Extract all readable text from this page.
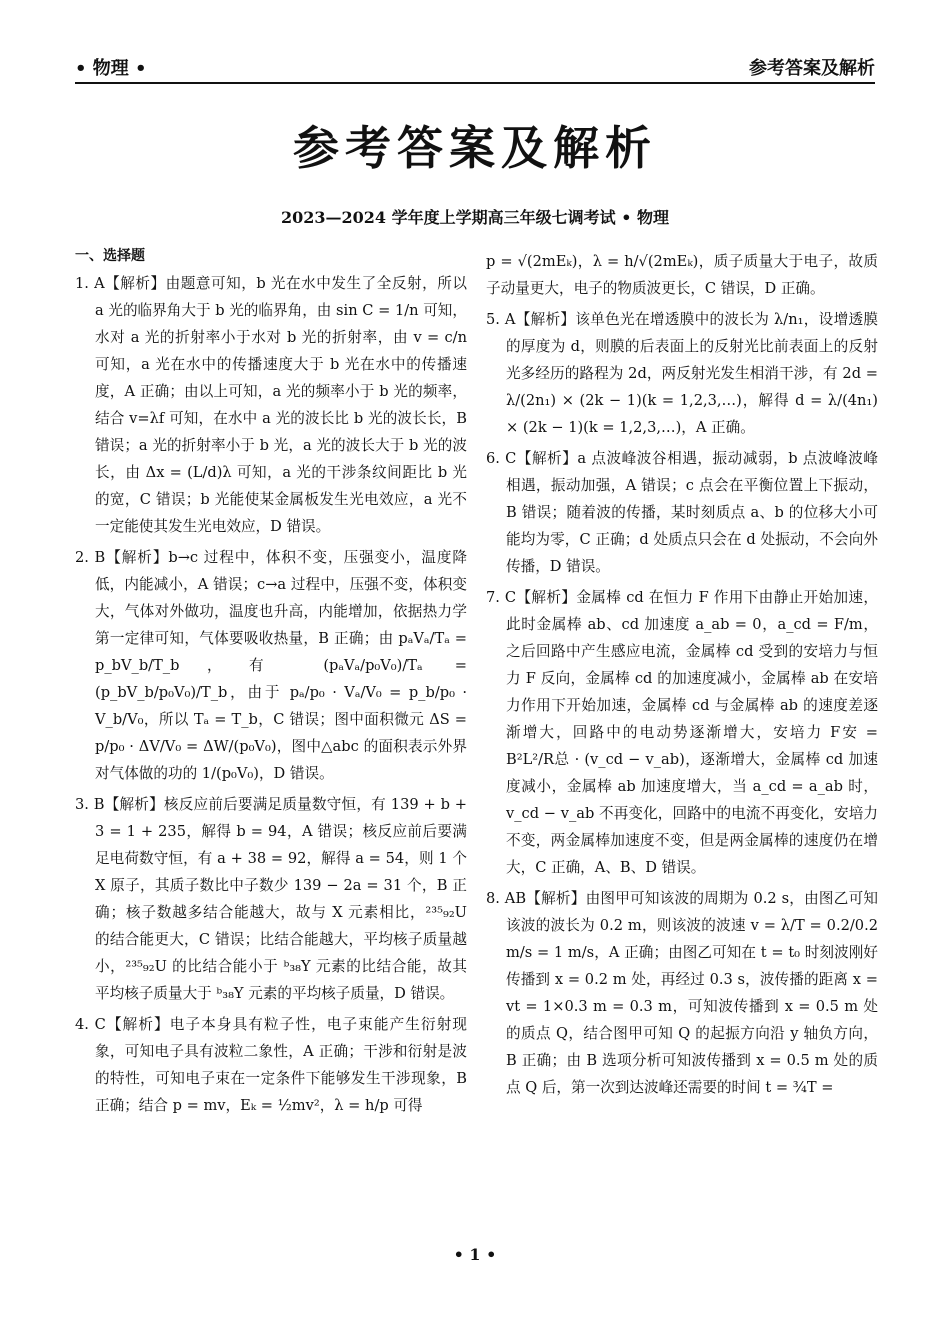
• 物理 •	参考答案及解析
参考答案及解析
2023—2024 学年度上学期高三年级七调考试 • 物理
一、选择题

1. A【解析】由题意可知，b 光在水中发生了全反射，所以 a 光的临界角大于 b 光的临界角，由 sin C = 1/n 可知，水对 a 光的折射率小于水对 b 光的折射率，由 v = c/n 可知，a 光在水中的传播速度大于 b 光在水中的传播速度，A 正确；由以上可知，a 光的频率小于 b 光的频率，结合 v=λf 可知，在水中 a 光的波长比 b 光的波长长，B 错误；a 光的折射率小于 b 光，a 光的波长大于 b 光的波长，由 Δx = (L/d)λ 可知，a 光的干涉条纹间距比 b 光的宽，C 错误；b 光能使某金属板发生光电效应，a 光不一定能使其发生光电效应，D 错误。

2. B【解析】b→c 过程中，体积不变，压强变小，温度降低，内能减小，A 错误；c→a 过程中，压强不变，体积变大，气体对外做功，温度也升高，内能增加，依据热力学第一定律可知，气体要吸收热量，B 正确；由 pₐVₐ/Tₐ = p_bV_b/T_b，有 (pₐVₐ/p₀V₀)/Tₐ = (p_bV_b/p₀V₀)/T_b，由于 pₐ/p₀ · Vₐ/V₀ = p_b/p₀ · V_b/V₀，所以 Tₐ = T_b，C 错误；图中面积微元 ΔS = p/p₀ · ΔV/V₀ = ΔW/(p₀V₀)，图中△abc 的面积表示外界对气体做的功的 1/(p₀V₀)，D 错误。

3. B【解析】核反应前后要满足质量数守恒，有 139 + b + 3 = 1 + 235，解得 b = 94，A 错误；核反应前后要满足电荷数守恒，有 a + 38 = 92，解得 a = 54，则 1 个 X 原子，其质子数比中子数少 139 − 2a = 31 个，B 正确；核子数越多结合能越大，故与 X 元素相比，²³⁵₉₂U 的结合能更大，C 错误；比结合能越大，平均核子质量越小，²³⁵₉₂U 的比结合能小于 ᵇ₃₈Y 元素的比结合能，故其平均核子质量大于 ᵇ₃₈Y 元素的平均核子质量，D 错误。

4. C【解析】电子本身具有粒子性，电子束能产生衍射现象，可知电子具有波粒二象性，A 正确；干涉和衍射是波的特性，可知电子束在一定条件下能够发生干涉现象，B 正确；结合 p = mv，Eₖ = ½mv²，λ = h/p 可得

p = √(2mEₖ)，λ = h/√(2mEₖ)，质子质量大于电子，故质子动量更大，电子的物质波更长，C 错误，D 正确。

5. A【解析】该单色光在增透膜中的波长为 λ/n₁，设增透膜的厚度为 d，则膜的后表面上的反射光比前表面上的反射光多经历的路程为 2d，两反射光发生相消干涉，有 2d = λ/(2n₁) × (2k − 1)(k = 1,2,3,…)，解得 d = λ/(4n₁) × (2k − 1)(k = 1,2,3,…)，A 正确。

6. C【解析】a 点波峰波谷相遇，振动减弱，b 点波峰波峰相遇，振动加强，A 错误；c 点会在平衡位置上下振动，B 错误；随着波的传播，某时刻质点 a、b 的位移大小可能均为零，C 正确；d 处质点只会在 d 处振动，不会向外传播，D 错误。

7. C【解析】金属棒 cd 在恒力 F 作用下由静止开始加速，此时金属棒 ab、cd 加速度 a_ab = 0，a_cd = F/m，之后回路中产生感应电流，金属棒 cd 受到的安培力与恒力 F 反向，金属棒 cd 的加速度减小，金属棒 ab 在安培力作用下开始加速，金属棒 cd 与金属棒 ab 的速度差逐渐增大，回路中的电动势逐渐增大，安培力 F安 = B²L²/R总 · (v_cd − v_ab)，逐渐增大，金属棒 cd 加速度减小，金属棒 ab 加速度增大，当 a_cd = a_ab 时，v_cd − v_ab 不再变化，回路中的电流不再变化，安培力不变，两金属棒加速度不变，但是两金属棒的速度仍在增大，C 正确，A、B、D 错误。

8. AB【解析】由图甲可知该波的周期为 0.2 s，由图乙可知该波的波长为 0.2 m，则该波的波速 v = λ/T = 0.2/0.2 m/s = 1 m/s，A 正确；由图乙可知在 t = t₀ 时刻波刚好传播到 x = 0.2 m 处，再经过 0.3 s，波传播的距离 x = vt = 1×0.3 m = 0.3 m，可知波传播到 x = 0.5 m 处的质点 Q，结合图甲可知 Q 的起振方向沿 y 轴负方向，B 正确；由 B 选项分析可知波传播到 x = 0.5 m 处的质点 Q 后，第一次到达波峰还需要的时间 t = ¾T =

• 1 •
